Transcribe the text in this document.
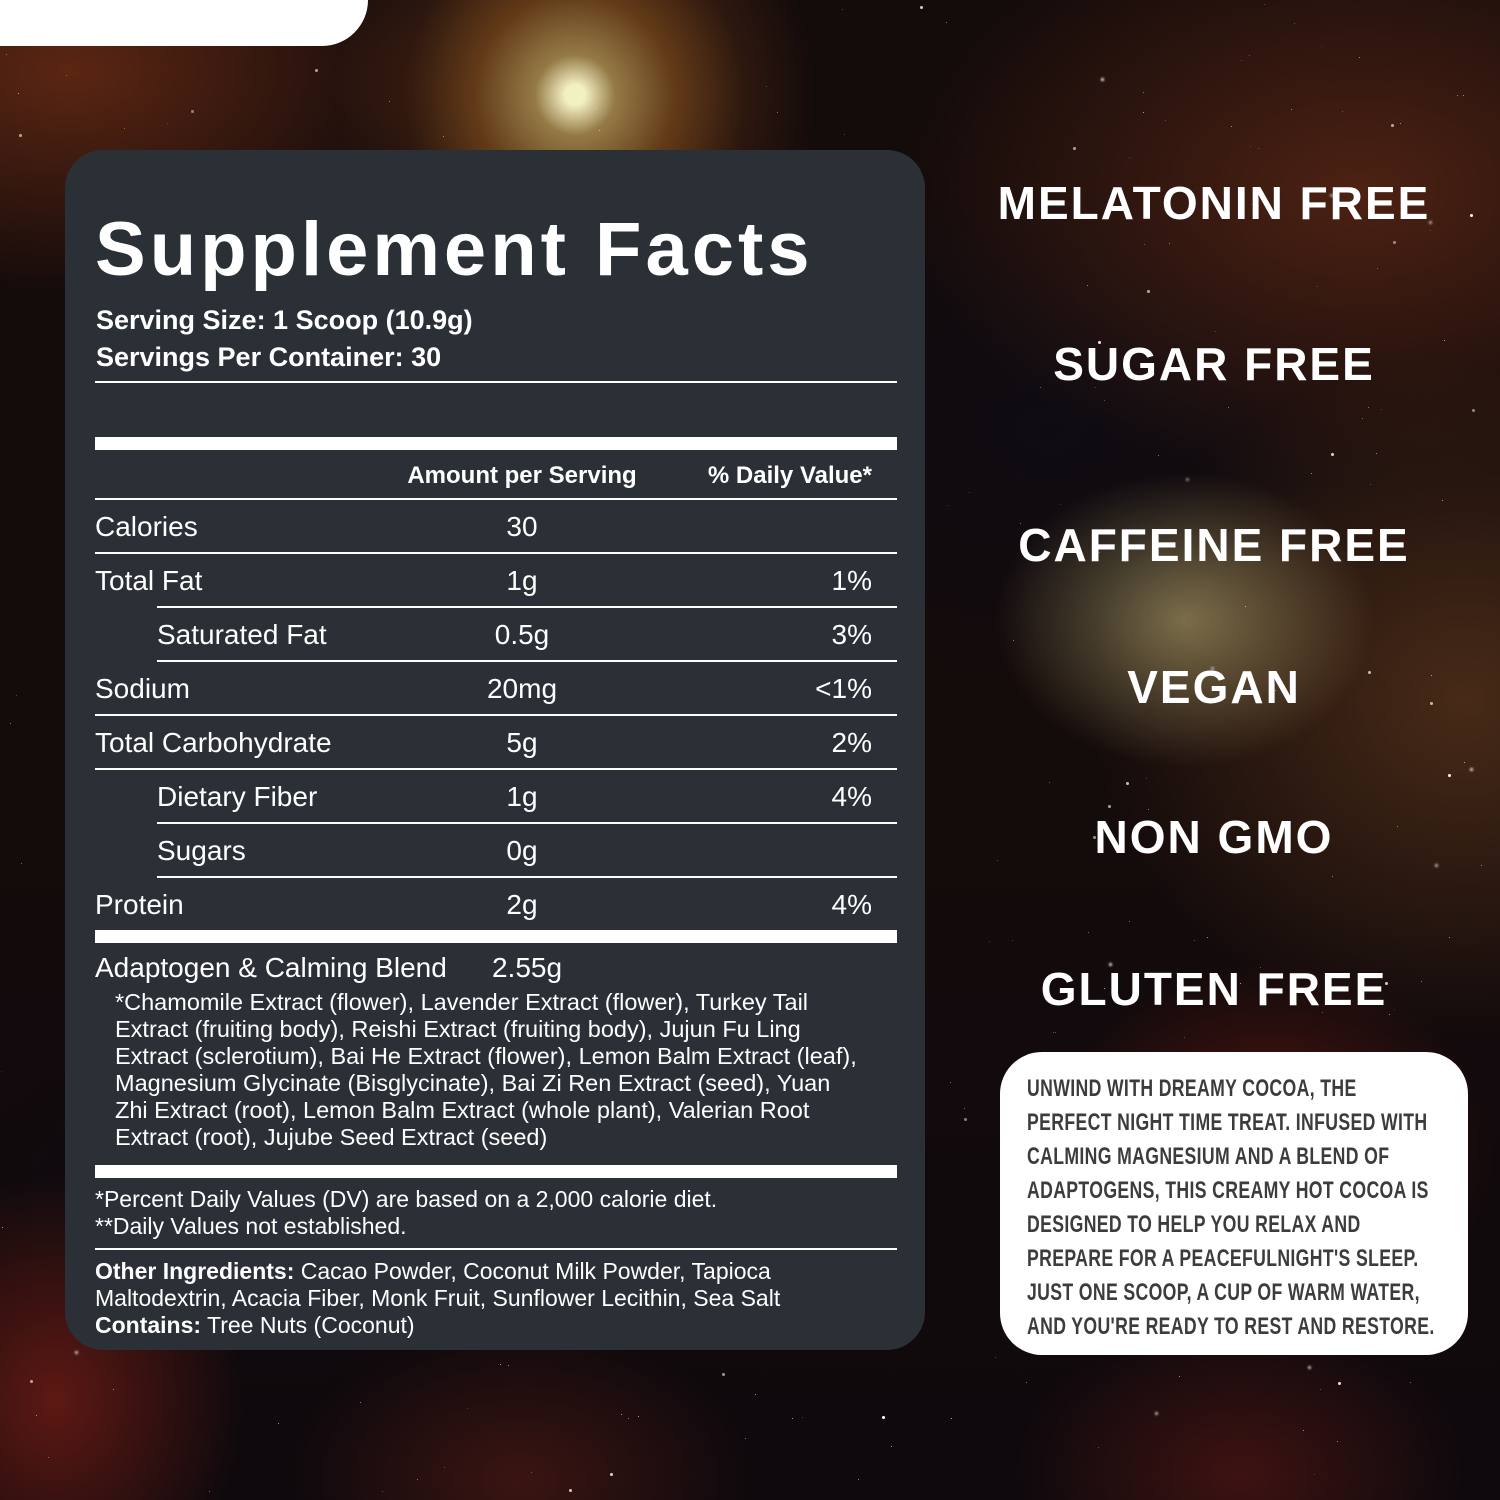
Supplement Facts
Serving Size: 1 Scoop (10.9g)
Servings Per Container: 30
Amount per Serving	% Daily Value*
Calories	30
Total Fat	1g	1%
Saturated Fat	0.5g	3%
Sodium	20mg	<1%
Total Carbohydrate	5g	2%
Dietary Fiber	1g	4%
Sugars	0g
Protein	2g	4%
Adaptogen & Calming Blend 2.55g

*Chamomile Extract (flower), Lavender Extract (flower), Turkey Tail Extract (fruiting body), Reishi Extract (fruiting body), Jujun Fu Ling Extract (sclerotium), Bai He Extract (flower), Lemon Balm Extract (leaf), Magnesium Glycinate (Bisglycinate), Bai Zi Ren Extract (seed), Yuan Zhi Extract (root), Lemon Balm Extract (whole plant), Valerian Root Extract (root), Jujube Seed Extract (seed)

*Percent Daily Values (DV) are based on a 2,000 calorie diet.
**Daily Values not established.

Other Ingredients: Cacao Powder, Coconut Milk Powder, Tapioca Maltodextrin, Acacia Fiber, Monk Fruit, Sunflower Lecithin, Sea Salt
Contains: Tree Nuts (Coconut)

MELATONIN FREE
SUGAR FREE
CAFFEINE FREE
VEGAN
NON GMO
GLUTEN FREE
UNWIND WITH DREAMY COCOA, THE PERFECT NIGHT TIME TREAT. INFUSED WITH CALMING MAGNESIUM AND A BLEND OF ADAPTOGENS, THIS CREAMY HOT COCOA IS DESIGNED TO HELP YOU RELAX AND PREPARE FOR A PEACEFULNIGHT'S SLEEP. JUST ONE SCOOP, A CUP OF WARM WATER, AND YOU'RE READY TO REST AND RESTORE.
